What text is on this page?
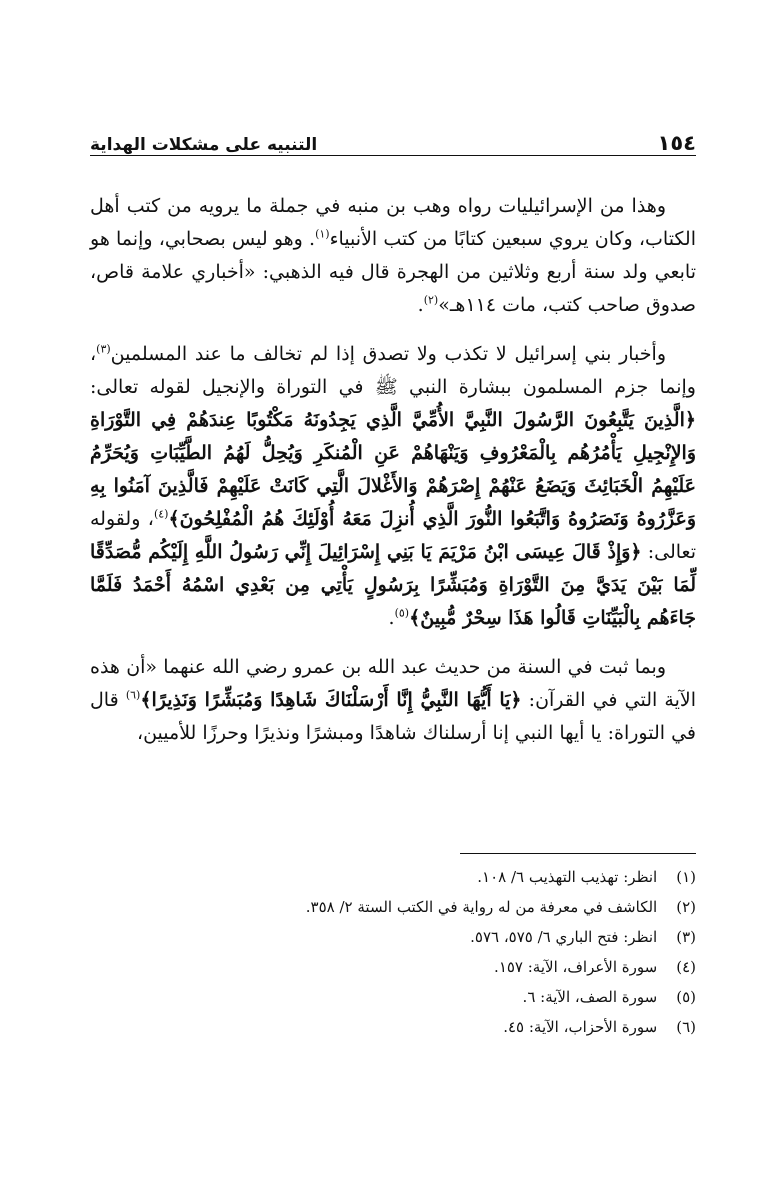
١٥٤
التنبيه على مشكلات الهداية

وهذا من الإسرائيليات رواه وهب بن منبه في جملة ما يرويه من كتب أهل الكتاب، وكان يروي سبعين كتابًا من كتب الأنبياء$^{(١)}$. وهو ليس بصحابي، وإنما هو تابعي ولد سنة أربع وثلاثين من الهجرة قال فيه الذهبي: «أخباري علامة قاص، صدوق صاحب كتب، مات ١١٤هـ»$^{(٢)}$.

وأخبار بني إسرائيل لا تكذب ولا تصدق إذا لم تخالف ما عند المسلمين$^{(٣)}$، وإنما جزم المسلمون ببشارة النبي ﷺ في التوراة والإنجيل لقوله تعالى: ﴿الَّذِينَ يَتَّبِعُونَ الرَّسُولَ النَّبِيَّ الأُمِّيَّ الَّذِي يَجِدُونَهُ مَكْتُوبًا عِندَهُمْ فِي التَّوْرَاةِ وَالإِنْجِيلِ يَأْمُرُهُم بِالْمَعْرُوفِ وَيَنْهَاهُمْ عَنِ الْمُنكَرِ وَيُحِلُّ لَهُمُ الطَّيِّبَاتِ وَيُحَرِّمُ عَلَيْهِمُ الْخَبَائِثَ وَيَضَعُ عَنْهُمْ إِصْرَهُمْ وَالأَغْلالَ الَّتِي كَانَتْ عَلَيْهِمْ فَالَّذِينَ آمَنُوا بِهِ وَعَزَّرُوهُ وَنَصَرُوهُ وَاتَّبَعُوا النُّورَ الَّذِي أُنزِلَ مَعَهُ أُوْلَئِكَ هُمُ الْمُفْلِحُونَ﴾$^{(٤)}$، ولقوله تعالى: ﴿وَإِذْ قَالَ عِيسَى ابْنُ مَرْيَمَ يَا بَنِي إِسْرَائِيلَ إِنِّي رَسُولُ اللَّهِ إِلَيْكُم مُّصَدِّقًا لِّمَا بَيْنَ يَدَيَّ مِنَ التَّوْرَاةِ وَمُبَشِّرًا بِرَسُولٍ يَأْتِي مِن بَعْدِي اسْمُهُ أَحْمَدُ فَلَمَّا جَاءَهُم بِالْبَيِّنَاتِ قَالُوا هَذَا سِحْرٌ مُّبِينٌ﴾$^{(٥)}$.

وبما ثبت في السنة من حديث عبد الله بن عمرو رضي الله عنهما «أن هذه الآية التي في القرآن: ﴿يَا أَيُّهَا النَّبِيُّ إِنَّا أَرْسَلْنَاكَ شَاهِدًا وَمُبَشِّرًا وَنَذِيرًا﴾$^{(٦)}$ قال في التوراة: يا أيها النبي إنا أرسلناك شاهدًا ومبشرًا ونذيرًا وحرزًا للأميين،

(١) انظر: تهذيب التهذيب ٦/ ١٠٨.
(٢) الكاشف في معرفة من له رواية في الكتب الستة ٢/ ٣٥٨.
(٣) انظر: فتح الباري ٦/ ٥٧٥، ٥٧٦.
(٤) سورة الأعراف، الآية: ١٥٧.
(٥) سورة الصف، الآية: ٦.
(٦) سورة الأحزاب، الآية: ٤٥.
